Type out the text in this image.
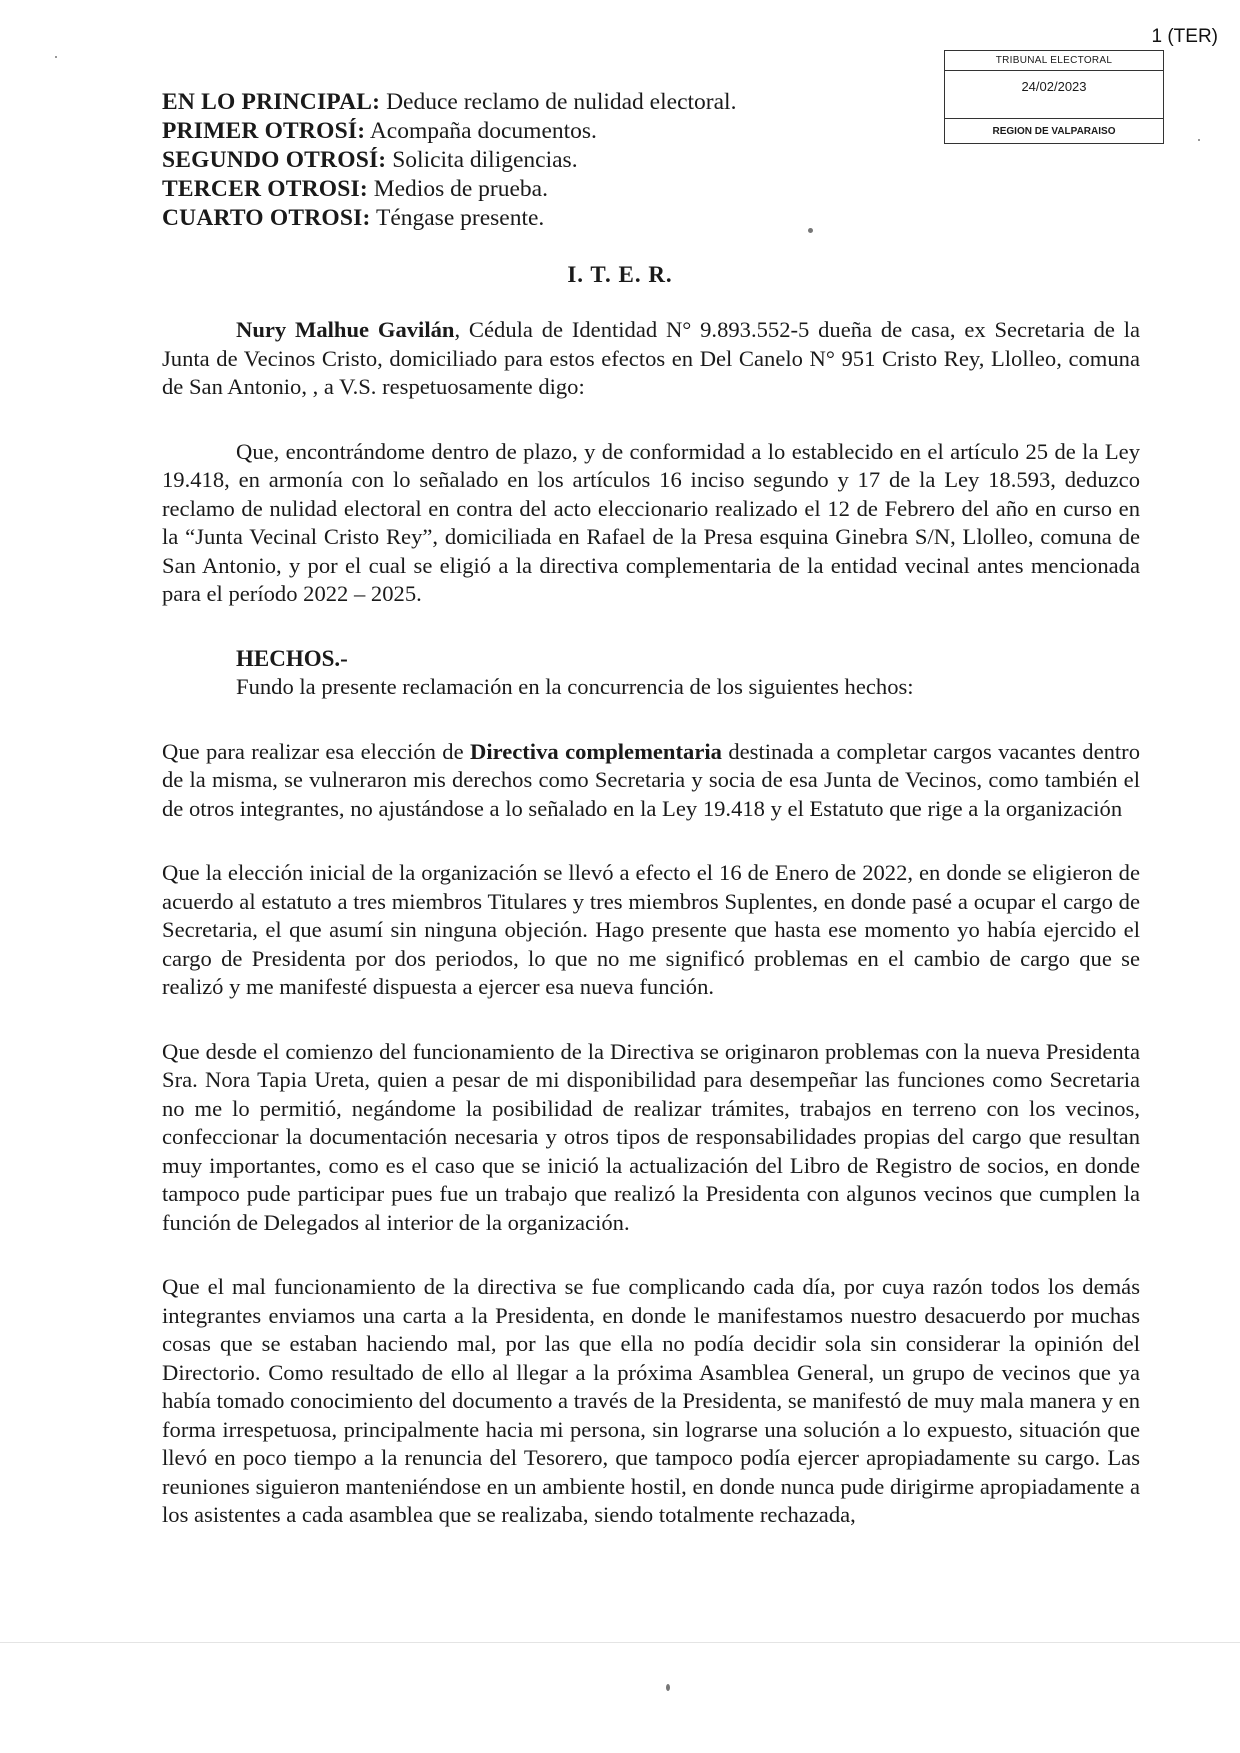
1 (TER)
TRIBUNAL ELECTORAL
24/02/2023
REGION DE VALPARAISO
EN LO PRINCIPAL: Deduce reclamo de nulidad electoral.
PRIMER OTROSÍ: Acompaña documentos.
SEGUNDO OTROSÍ: Solicita diligencias.
TERCER OTROSI: Medios de prueba.
CUARTO OTROSI: Téngase presente.
I. T. E. R.

Nury Malhue Gavilán, Cédula de Identidad N° 9.893.552-5 dueña de casa, ex Secretaria de la Junta de Vecinos Cristo, domiciliado para estos efectos en Del Canelo N° 951 Cristo Rey, Llolleo, comuna de San Antonio, , a V.S. respetuosamente digo:

Que, encontrándome dentro de plazo, y de conformidad a lo establecido en el artículo 25 de la Ley 19.418, en armonía con lo señalado en los artículos 16 inciso segundo y 17 de la Ley 18.593, deduzco reclamo de nulidad electoral en contra del acto eleccionario realizado el 12 de Febrero del año en curso en la “Junta Vecinal Cristo Rey”, domiciliada en Rafael de la Presa esquina Ginebra S/N, Llolleo, comuna de San Antonio, y por el cual se eligió a la directiva complementaria de la entidad vecinal antes mencionada para el período 2022 – 2025.

HECHOS.-
Fundo la presente reclamación en la concurrencia de los siguientes hechos:

Que para realizar esa elección de Directiva complementaria destinada a completar cargos vacantes dentro de la misma, se vulneraron mis derechos como Secretaria y socia de esa Junta de Vecinos, como también el de otros integrantes, no ajustándose a lo señalado en la Ley 19.418 y el Estatuto que rige a la organización

Que la elección inicial de la organización se llevó a efecto el 16 de Enero de 2022, en donde se eligieron de acuerdo al estatuto a tres miembros Titulares y tres miembros Suplentes, en donde pasé a ocupar el cargo de Secretaria, el que asumí sin ninguna objeción. Hago presente que hasta ese momento yo había ejercido el cargo de Presidenta por dos periodos, lo que no me significó problemas en el cambio de cargo que se realizó y me manifesté dispuesta a ejercer esa nueva función.

Que desde el comienzo del funcionamiento de la Directiva se originaron problemas con la nueva Presidenta Sra. Nora Tapia Ureta, quien a pesar de mi disponibilidad para desempeñar las funciones como Secretaria no me lo permitió, negándome la posibilidad de realizar trámites, trabajos en terreno con los vecinos, confeccionar la documentación necesaria y otros tipos de responsabilidades propias del cargo que resultan muy importantes, como es el caso que se inició la actualización del Libro de Registro de socios, en donde tampoco pude participar pues fue un trabajo que realizó la Presidenta con algunos vecinos que cumplen la función de Delegados al interior de la organización.

Que el mal funcionamiento de la directiva se fue complicando cada día, por cuya razón todos los demás integrantes enviamos una carta a la Presidenta, en donde le manifestamos nuestro desacuerdo por muchas cosas que se estaban haciendo mal, por las que ella no podía decidir sola sin considerar la opinión del Directorio. Como resultado de ello al llegar a la próxima Asamblea General, un grupo de vecinos que ya había tomado conocimiento del documento a través de la Presidenta, se manifestó de muy mala manera y en forma irrespetuosa, principalmente hacia mi persona, sin lograrse una solución a lo expuesto, situación que llevó en poco tiempo a la renuncia del Tesorero, que tampoco podía ejercer apropiadamente su cargo. Las reuniones siguieron manteniéndose en un ambiente hostil, en donde nunca pude dirigirme apropiadamente a los asistentes a cada asamblea que se realizaba, siendo totalmente rechazada,
